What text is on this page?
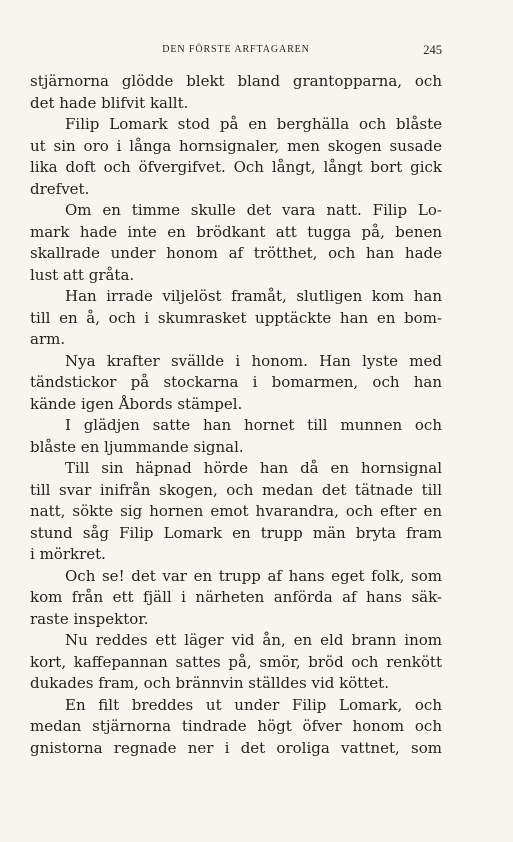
DEN FÖRSTE ARFTAGAREN	245
stjärnorna glödde blekt bland grantopparna, och
det hade blifvit kallt.
Filip Lomark stod på en berghälla och blåste
ut sin oro i långa hornsignaler, men skogen susade
lika doft och öfvergifvet. Och långt, långt bort gick
drefvet.
Om en timme skulle det vara natt. Filip Lo-
mark hade inte en brödkant att tugga på, benen
skallrade under honom af trötthet, och han hade
lust att gråta.
Han irrade viljelöst framåt, slutligen kom han
till en å, och i skumrasket upptäckte han en bom-
arm.
Nya krafter svällde i honom. Han lyste med
tändstickor på stockarna i bomarmen, och han
kände igen Åbords stämpel.
I glädjen satte han hornet till munnen och
blåste en ljummande signal.
Till sin häpnad hörde han då en hornsignal
till svar inifrån skogen, och medan det tätnade till
natt, sökte sig hornen emot hvarandra, och efter en
stund såg Filip Lomark en trupp män bryta fram
i mörkret.
Och se! det var en trupp af hans eget folk, som
kom från ett fjäll i närheten anförda af hans säk-
raste inspektor.
Nu reddes ett läger vid ån, en eld brann inom
kort, kaffepannan sattes på, smör, bröd och renkött
dukades fram, och brännvin ställdes vid köttet.
En filt breddes ut under Filip Lomark, och
medan stjärnorna tindrade högt öfver honom och
gnistorna regnade ner i det oroliga vattnet, som
